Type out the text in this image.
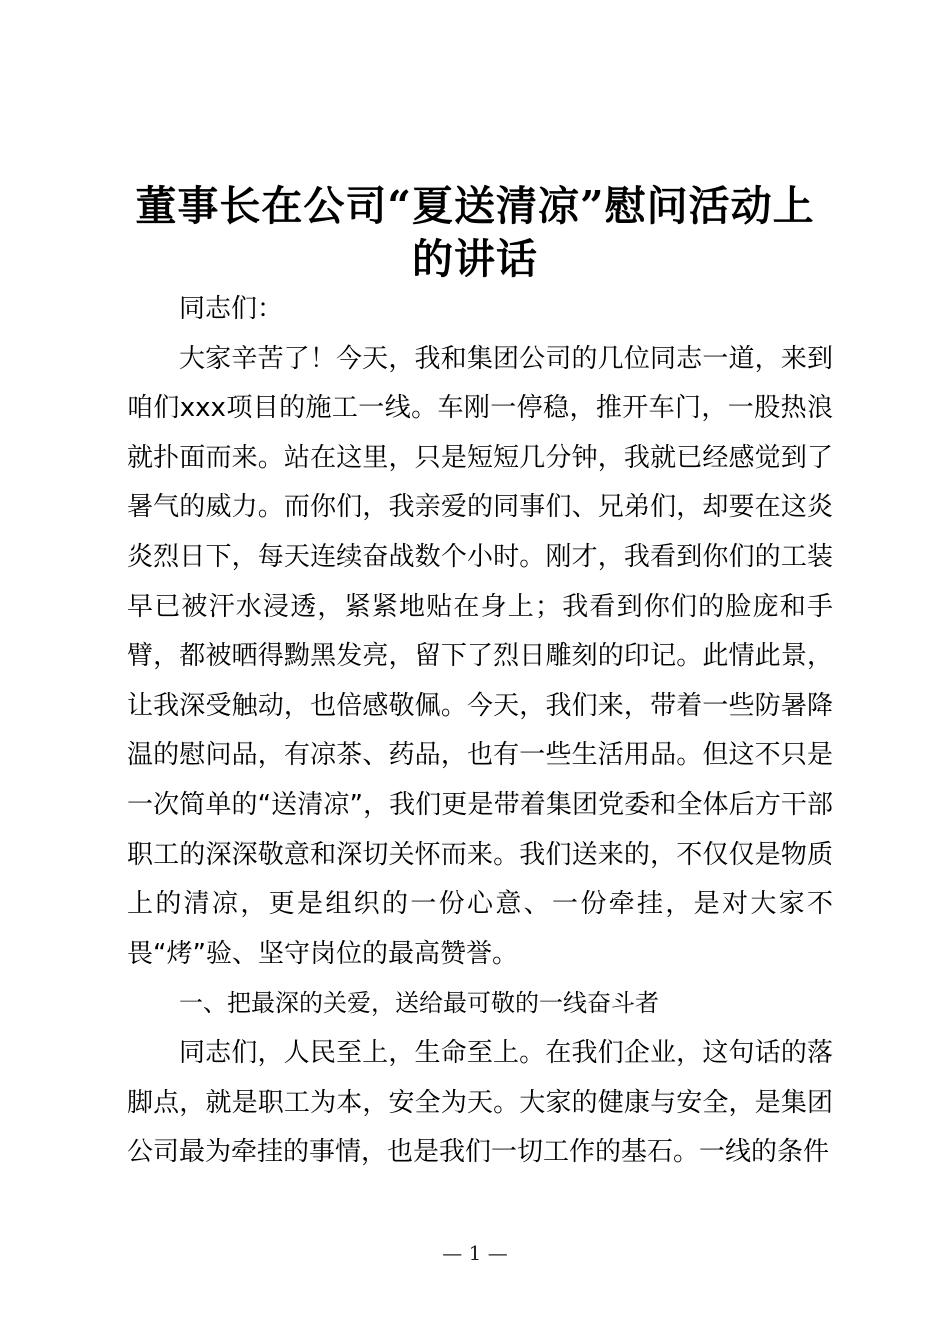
董事长在公司“夏送清凉”慰问活动上
的讲话

同志们：

大家辛苦了！今天，我和集团公司的几位同志一道，来到咱们xxx项目的施工一线。车刚一停稳，推开车门，一股热浪就扑面而来。站在这里，只是短短几分钟，我就已经感觉到了暑气的威力。而你们，我亲爱的同事们、兄弟们，却要在这炎炎烈日下，每天连续奋战数个小时。刚才，我看到你们的工装早已被汗水浸透，紧紧地贴在身上；我看到你们的脸庞和手臂，都被晒得黝黑发亮，留下了烈日雕刻的印记。此情此景，让我深受触动，也倍感敬佩。今天，我们来，带着一些防暑降温的慰问品，有凉茶、药品，也有一些生活用品。但这不只是一次简单的“送清凉”，我们更是带着集团党委和全体后方干部职工的深深敬意和深切关怀而来。我们送来的，不仅仅是物质上的清凉，更是组织的一份心意、一份牵挂，是对大家不畏“烤”验、坚守岗位的最高赞誉。

一、把最深的关爱，送给最可敬的一线奋斗者

同志们，人民至上，生命至上。在我们企业，这句话的落脚点，就是职工为本，安全为天。大家的健康与安全，是集团公司最为牵挂的事情，也是我们一切工作的基石。一线的条件

— 1 —
